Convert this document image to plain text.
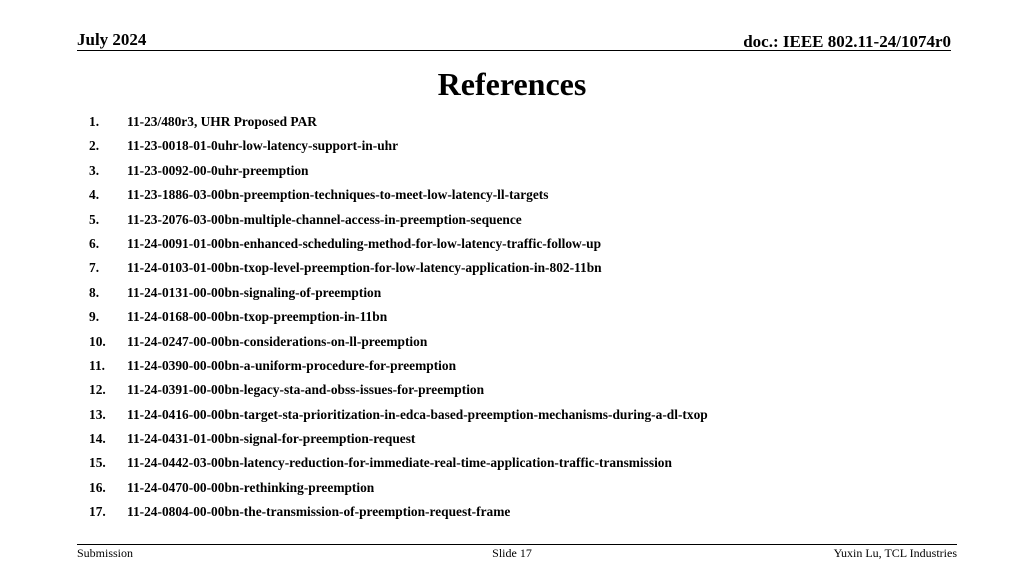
July 2024	doc.: IEEE 802.11-24/1074r0
References
1. 11-23/480r3, UHR Proposed PAR
2. 11-23-0018-01-0uhr-low-latency-support-in-uhr
3. 11-23-0092-00-0uhr-preemption
4. 11-23-1886-03-00bn-preemption-techniques-to-meet-low-latency-ll-targets
5. 11-23-2076-03-00bn-multiple-channel-access-in-preemption-sequence
6. 11-24-0091-01-00bn-enhanced-scheduling-method-for-low-latency-traffic-follow-up
7. 11-24-0103-01-00bn-txop-level-preemption-for-low-latency-application-in-802-11bn
8. 11-24-0131-00-00bn-signaling-of-preemption
9. 11-24-0168-00-00bn-txop-preemption-in-11bn
10. 11-24-0247-00-00bn-considerations-on-ll-preemption
11. 11-24-0390-00-00bn-a-uniform-procedure-for-preemption
12. 11-24-0391-00-00bn-legacy-sta-and-obss-issues-for-preemption
13. 11-24-0416-00-00bn-target-sta-prioritization-in-edca-based-preemption-mechanisms-during-a-dl-txop
14. 11-24-0431-01-00bn-signal-for-preemption-request
15. 11-24-0442-03-00bn-latency-reduction-for-immediate-real-time-application-traffic-transmission
16. 11-24-0470-00-00bn-rethinking-preemption
17. 11-24-0804-00-00bn-the-transmission-of-preemption-request-frame
Submission	Slide 17	Yuxin Lu, TCL Industries
